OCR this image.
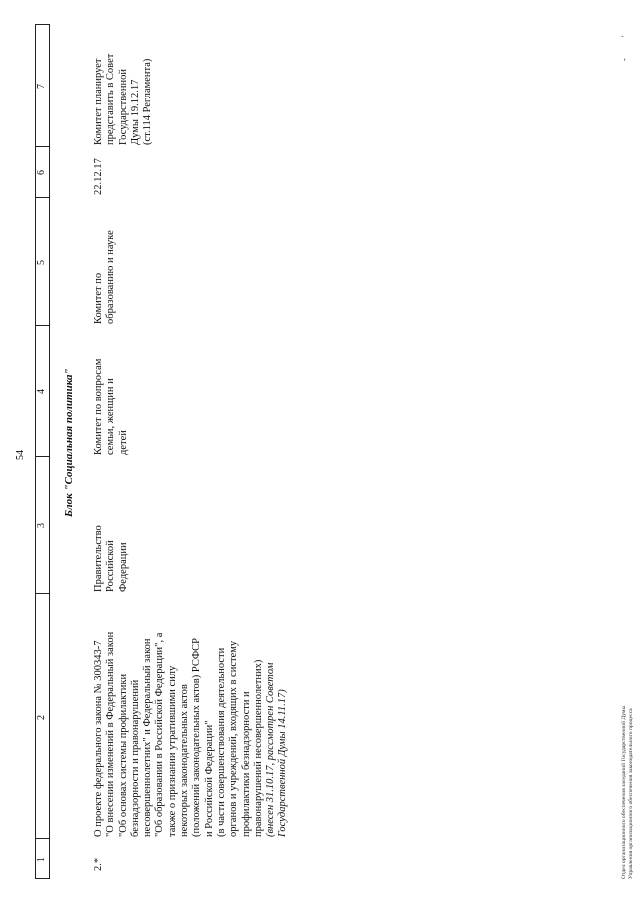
54
1
2
3
4
5
6
7
Блок "Социальная политика"
2.*
О проекте федерального закона № 300343-7 "О внесении изменений в Федеральный закон "Об основах системы профилактики безнадзорности и правонарушений несовершеннолетних" и Федеральный закон "Об образовании в Российской Федерации", а также о признании утратившими силу некоторых законодательных актов (положений законодательных актов) РСФСР и Российской Федерации" (в части совершенствования деятельности органов и учреждений, входящих в систему профилактики безнадзорности и правонарушений несовершеннолетних) (внесен 31.10.17, рассмотрен Советом Государственной Думы 14.11.17)
Правительство Российской Федерации
Комитет по вопросам семьи, женщин и детей
Комитет по образованию и науке
22.12.17
Комитет планирует представить в Совет Государственной Думы 19.12.17 (ст.114 Регламента)
'
-
Отдел организационного обеспечения заседаний Государственной Думы Управления организационного обеспечения законодательного процесса
